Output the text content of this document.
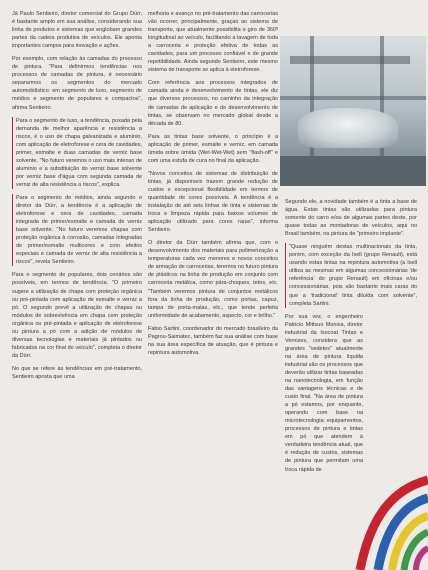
Já Paulo Sentieiro, diretor comercial do Grupo Dürr, é bastante amplo em sua análise, considerando sua linha de produtos e sistemas que englobam grandes partes da cadeia produtiva de veículos. Ele aponta importantes campos para inovação e ações.

Por exemplo, com relação às camadas do processo de pintura. "Para definirmos tendências nos processos de camadas de pintura, é necessário separarmos os segmentos do mercado automobilístico: em segmento de luxo, segmento de médios e segmento de populares e compactos", afirma Sentieiro.

Para o segmento de luxo, a tendência, puxada pela demanda de melhor aparência e resistência a riscos, é o uso de chapa galvanizada e alumínio, com aplicação de eletroforese e cera de cavidades, primer, esmalte e duas camadas de verniz base solvente. "No futuro veremos o uso mais intenso de alumínio e a substituição do verniz base solvente por verniz base d'água com segunda camada de verniz de alta resistência a riscos", explica.

Para o segmento de médios, ainda segundo o diretor da Dürr, a tendência é a aplicação de eletroforese e cera de cavidades, camada integrada de primer/esmalte e camada de verniz base solvente. "No futuro veremos chapas com proteção orgânica à corrosão, camadas integradas de primer/esmalte multicores e com efeitos especiais e camada de verniz de alta resistência a riscos", revela Sentieiro.

Para o segmento de populares, dois cenários são possíveis, em termos de tendência. "O primeiro sugere a utilização de chapa com proteção orgânica ou pré-pintada com aplicação de esmalte e verniz a pó. O segundo prevê a utilização de chapas ou módulos de sobrevivência em chapa com proteção orgânica ou pré-pintada e aplicação de eletroforese ou pintura a pó com a adição de módulos de diversas tecnologias e materiais já pintados ou fabricados na cor final do veículo", completa o diretor da Dürr.

No que se refere às tendências em pré-tratamento, Sentieiro aposta que uma

melhoria e avanço no pré-tratamento das carrocerias vão ocorrer, principalmente, graças ao sistema de transporte, que atualmente possibilita o giro de 360º longitudinal ao veículo, facilitando a lavagem de toda a carroceria e proteção efetiva de todas as cavidades, para um processo confiável e de grande repetibilidade. Ainda segundo Sentieiro, este mesmo sistema de transporte se aplica à eletroforese.

Com referência aos processos integrados de camada ainda é desenvolvimento de tintas, ele diz que diversos processos, no caminho da integração de camadas de aplicação e de desenvolvimento de tintas, se observam no mercado global desde a década de 80.

Para as tintas base solvente, o princípio é a aplicação de primer, esmalte e verniz, em camada úmida sobre úmida (Wet-Wet-Wet) sem "flash-off" e com uma estufa de cura no final da aplicação.

"Novos conceitos de sistemas de distribuição de tintas, já disponíveis trazem grande redução de custos e excepcional flexibilidade em termos de quantidade de cores possíveis. A tendência é a instalação de até seis linhas de tinta e sistemas de troca e limpeza rápida para baixos volumes de aplicação utilizado para cores raras", informa Sentieiro.

O diretor da Dürr também afirma que, com o desenvolvimento dos materiais para polimerização a temperaturas cada vez menores e novos conceitos de armação de carrocerias, teremos no futuro pintura de plásticos na linha de produção em conjunto com carroceria metálica, como pára-choques, tetos, etc. "Também veremos pintura de conjuntos metálicos fora da linha de produção, como portas, capuz, tampa de porta-malas, etc., que tende perfeita uniformidade de acabamento, aspecto, cor e brilho."

Fabio Sartini, coordenador do mercado brasileiro da Pagrou-Saimatec, também faz sua análise com base na sua área específica de atuação, que é pintura e repintura automotiva.

Segundo ele, a novidade também é a tinta a base de água. Estas tintas são utilizadas para pintura somente do carro e/ou de algumas partes deste, por quase todas as montadoras de veículos, aqui no Brasil também, na pintura de "primeiro implante".

"Quase ninguém destas multinacionais da tinta, porém, com exceção da Ixell (grupo Renault), está usando estas tintas na repintura automotiva (a Ixell utiliza as mesmas em algumas concessionárias 'de referência' do grupo Renault) em oficinas e/ou concessionárias, pois são bastante mais caras do que a 'tradicional' tinta diluída com solvente", completa Sartini.

Por sua vez, o engenheiro Patricio Mittsuo Moniva, diretor industrial da Isocoat Tintas e Vernizes, considera que as grandes "vedetes" atualmente na área de pintura líquida industrial são os processos que deverão utilizar tintas baseadas na nanotecnologia, em função das vantagens técnicas e de custo final. "Na área de pintura a pó estamos, por enquanto, operando com base na microtecnologia: equipamentos, processos de pintura e tintas em pó que atendem à verdadeira tendência atual, que é redução de custos, sistemas de pintura que permitam uma troca rápida de
